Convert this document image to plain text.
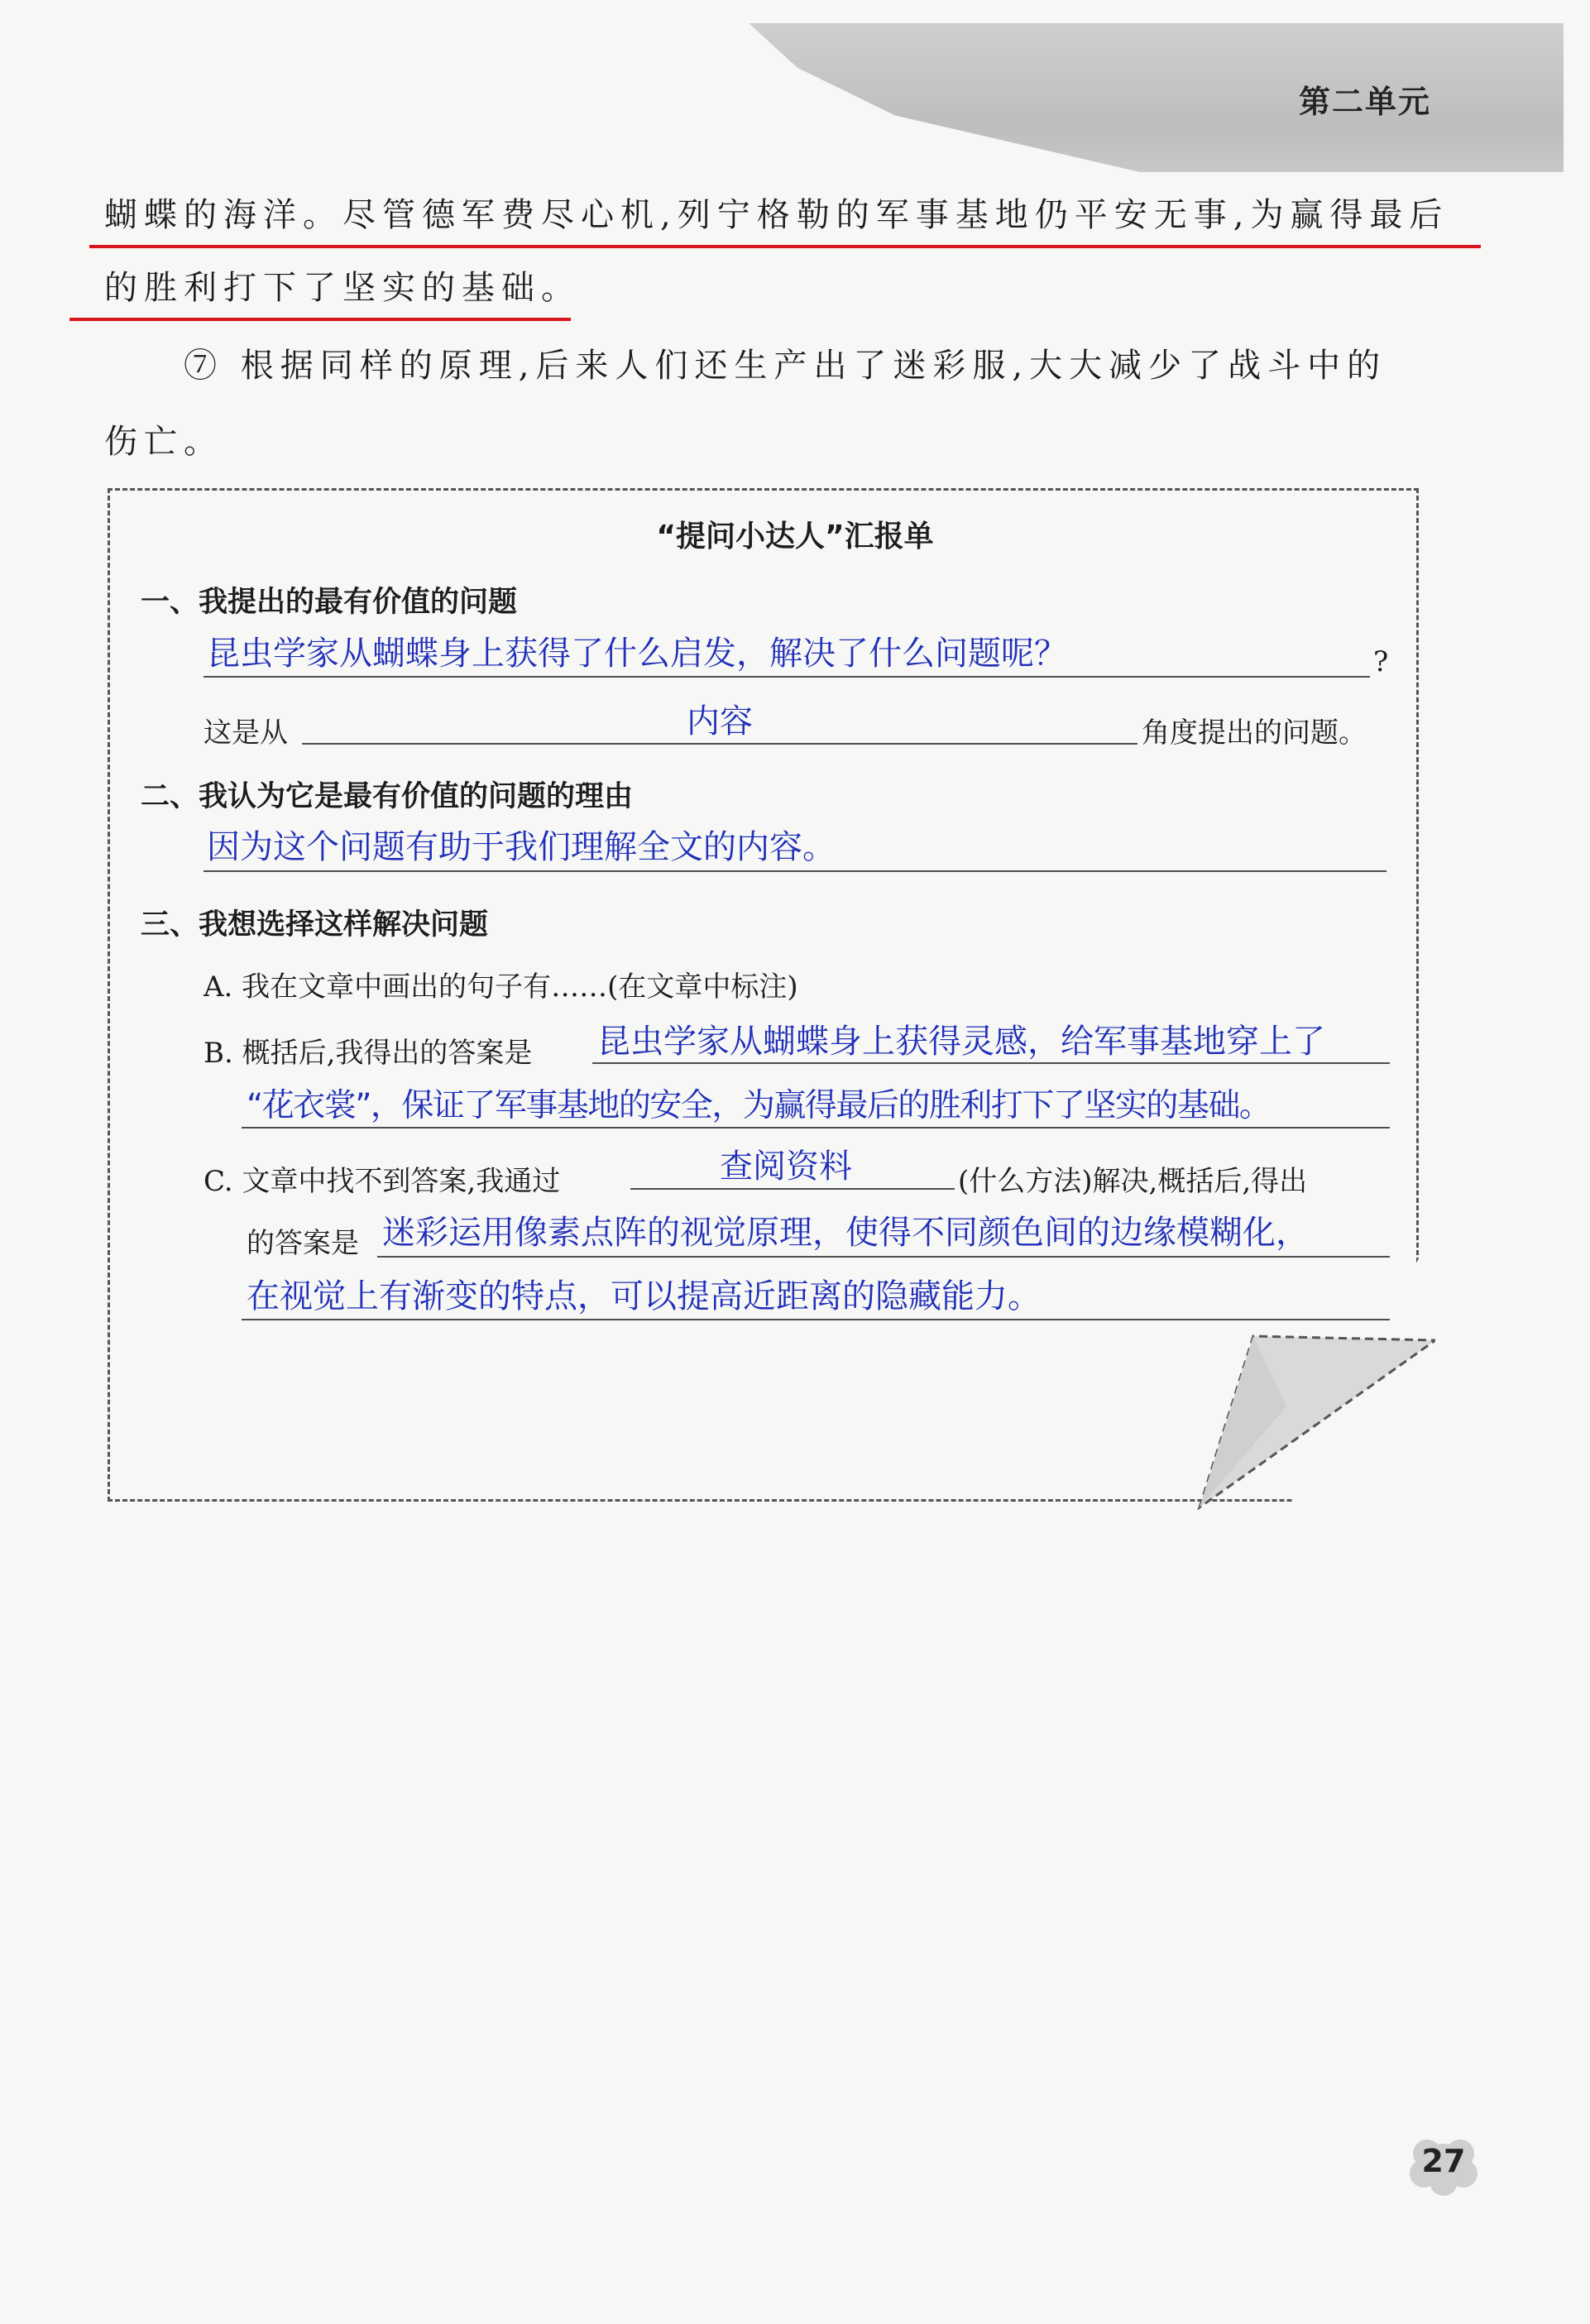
第二单元
蝴蝶的海洋。尽管德军费尽心机,列宁格勒的军事基地仍平安无事,为赢得最后
的胜利打下了坚实的基础。
⑦ 根据同样的原理,后来人们还生产出了迷彩服,大大减少了战斗中的
伤亡。
“提问小达人”汇报单
一、我提出的最有价值的问题
昆虫学家从蝴蝶身上获得了什么启发，解决了什么问题呢？	?
这是从	内容	角度提出的问题。
二、我认为它是最有价值的问题的理由
因为这个问题有助于我们理解全文的内容。
三、我想选择这样解决问题
A. 我在文章中画出的句子有……(在文章中标注)
B. 概括后,我得出的答案是 昆虫学家从蝴蝶身上获得灵感，给军事基地穿上了
“花衣裳”，保证了军事基地的安全，为赢得最后的胜利打下了坚实的基础。
C. 文章中找不到答案,我通过	查阅资料	(什么方法)解决,概括后,得出
的答案是 迷彩运用像素点阵的视觉原理，使得不同颜色间的边缘模糊化，
在视觉上有渐变的特点，可以提高近距离的隐藏能力。
27
